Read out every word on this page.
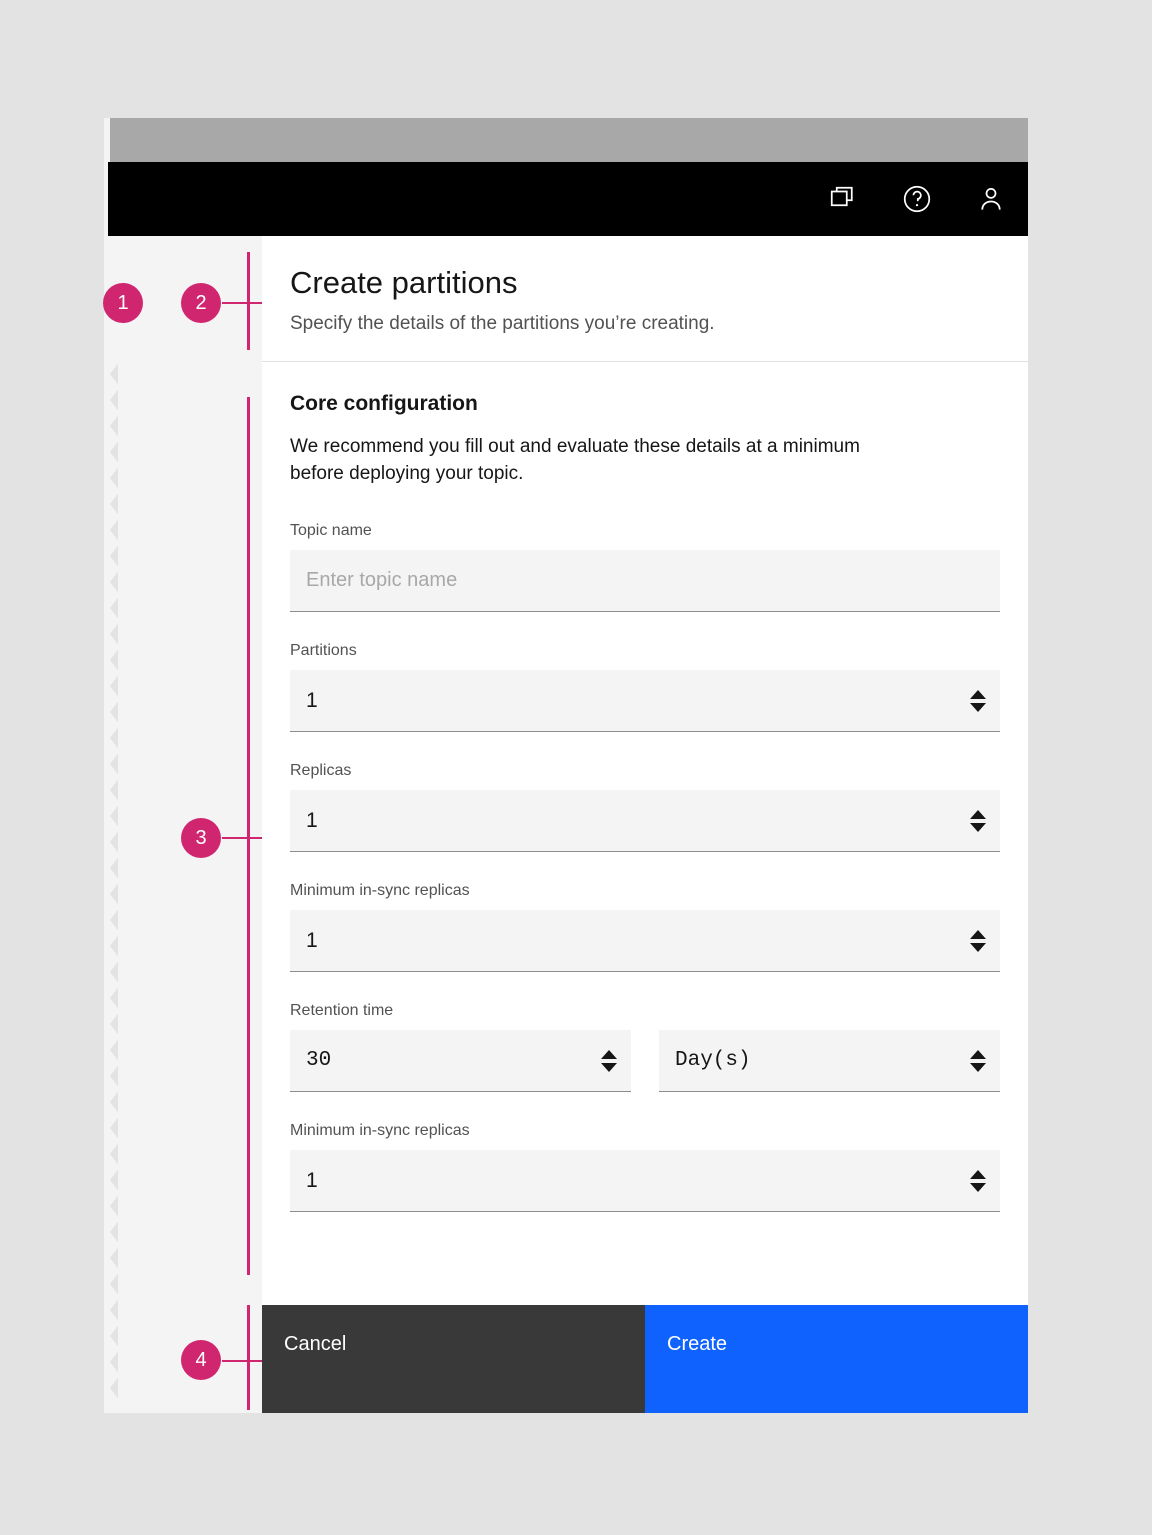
Create partitions

Specify the details of the partitions you’re creating.

Core configuration

We recommend you fill out and evaluate these details at a minimum before deploying your topic.

Topic name
Enter topic name
Partitions
1
Replicas
1
Minimum in-sync replicas
1
Retention time
30	Day(s)
Minimum in-sync replicas
1
Cancel	Create
1	2
3
4
